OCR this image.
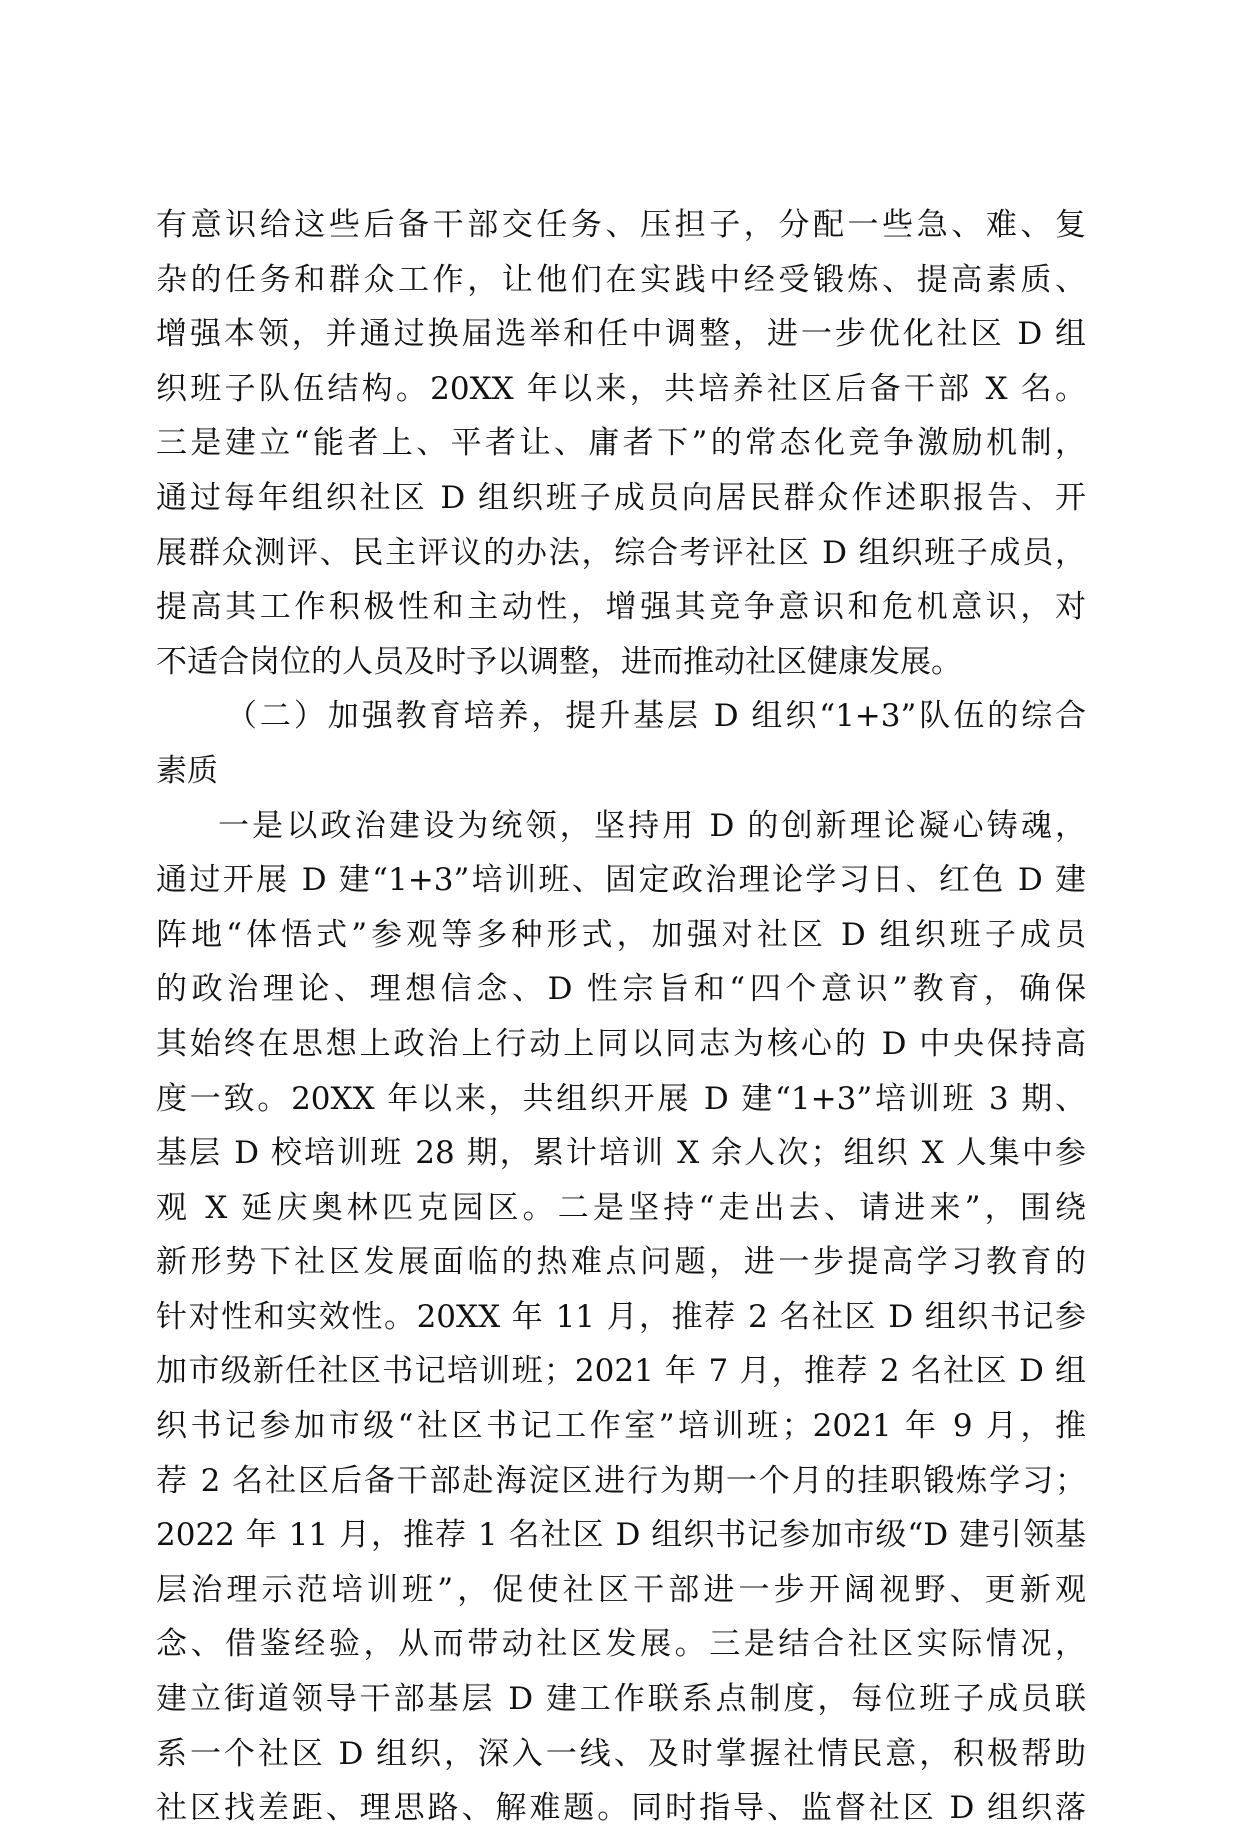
有意识给这些后备干部交任务、压担子，分配一些急、难、复
杂的任务和群众工作，让他们在实践中经受锻炼、提高素质、
增强本领，并通过换届选举和任中调整，进一步优化社区 D 组
织班子队伍结构。20XX 年以来，共培养社区后备干部 X 名。
三是建立“能者上、平者让、庸者下”的常态化竞争激励机制，
通过每年组织社区 D 组织班子成员向居民群众作述职报告、开
展群众测评、民主评议的办法，综合考评社区 D 组织班子成员，
提高其工作积极性和主动性，增强其竞争意识和危机意识，对
不适合岗位的人员及时予以调整，进而推动社区健康发展。
（二）加强教育培养，提升基层 D 组织“1+3”队伍的综合
素质
一是以政治建设为统领，坚持用 D 的创新理论凝心铸魂，
通过开展 D 建“1+3”培训班、固定政治理论学习日、红色 D 建
阵地“体悟式”参观等多种形式，加强对社区 D 组织班子成员
的政治理论、理想信念、D 性宗旨和“四个意识”教育，确保
其始终在思想上政治上行动上同以同志为核心的 D 中央保持高
度一致。20XX 年以来，共组织开展 D 建“1+3”培训班 3 期、
基层 D 校培训班 28 期，累计培训 X 余人次；组织 X 人集中参
观 X 延庆奥林匹克园区。二是坚持“走出去、请进来”，围绕
新形势下社区发展面临的热难点问题，进一步提高学习教育的
针对性和实效性。20XX 年 11 月，推荐 2 名社区 D 组织书记参
加市级新任社区书记培训班；2021 年 7 月，推荐 2 名社区 D 组
织书记参加市级“社区书记工作室”培训班；2021 年 9 月，推
荐 2 名社区后备干部赴海淀区进行为期一个月的挂职锻炼学习；
2022 年 11 月，推荐 1 名社区 D 组织书记参加市级“D 建引领基
层治理示范培训班”，促使社区干部进一步开阔视野、更新观
念、借鉴经验，从而带动社区发展。三是结合社区实际情况，
建立街道领导干部基层 D 建工作联系点制度，每位班子成员联
系一个社区 D 组织，深入一线、及时掌握社情民意，积极帮助
社区找差距、理思路、解难题。同时指导、监督社区 D 组织落
